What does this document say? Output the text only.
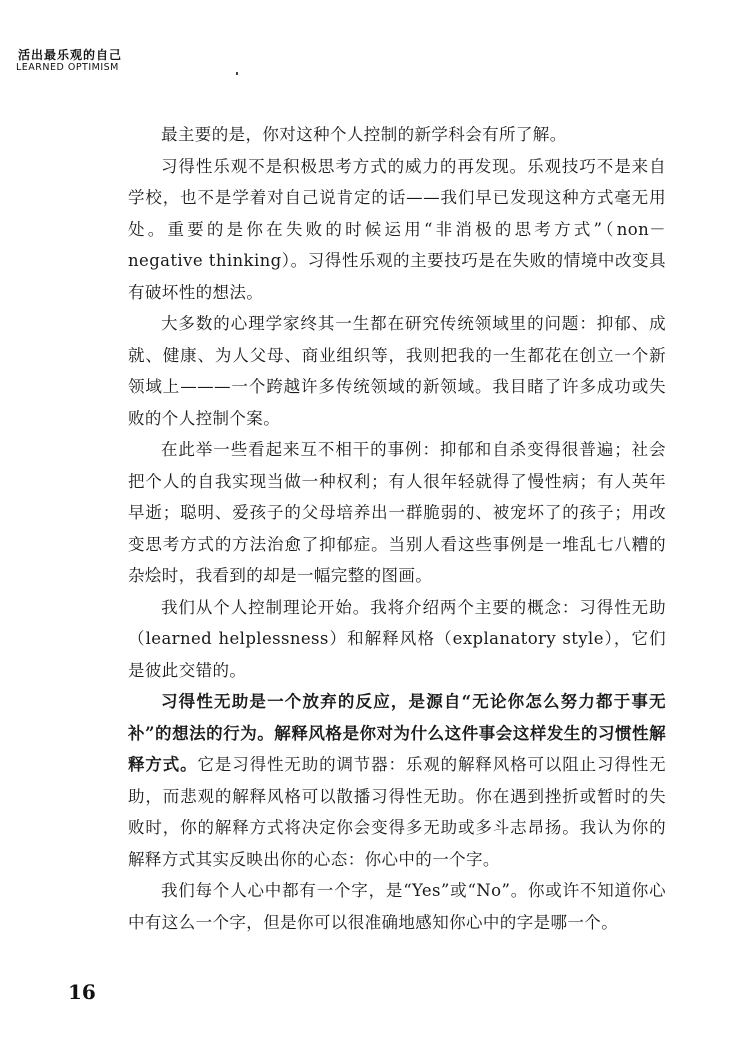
活出最乐观的自己
LEARNED OPTIMISM

最主要的是，你对这种个人控制的新学科会有所了解。

习得性乐观不是积极思考方式的威力的再发现。乐观技巧不是来自学校，也不是学着对自己说肯定的话——我们早已发现这种方式毫无用处。重要的是你在失败的时候运用“非消极的思考方式”（non－negative thinking）。习得性乐观的主要技巧是在失败的情境中改变具有破坏性的想法。

大多数的心理学家终其一生都在研究传统领域里的问题：抑郁、成就、健康、为人父母、商业组织等，我则把我的一生都花在创立一个新领域上———一个跨越许多传统领域的新领域。我目睹了许多成功或失败的个人控制个案。

在此举一些看起来互不相干的事例：抑郁和自杀变得很普遍；社会把个人的自我实现当做一种权利；有人很年轻就得了慢性病；有人英年早逝；聪明、爱孩子的父母培养出一群脆弱的、被宠坏了的孩子；用改变思考方式的方法治愈了抑郁症。当别人看这些事例是一堆乱七八糟的杂烩时，我看到的却是一幅完整的图画。

我们从个人控制理论开始。我将介绍两个主要的概念：习得性无助（learned helplessness）和解释风格（explanatory style），它们是彼此交错的。

习得性无助是一个放弃的反应，是源自“无论你怎么努力都于事无补”的想法的行为。解释风格是你对为什么这件事会这样发生的习惯性解释方式。它是习得性无助的调节器：乐观的解释风格可以阻止习得性无助，而悲观的解释风格可以散播习得性无助。你在遇到挫折或暂时的失败时，你的解释方式将决定你会变得多无助或多斗志昂扬。我认为你的解释方式其实反映出你的心态：你心中的一个字。

我们每个人心中都有一个字，是“Yes”或“No”。你或许不知道你心中有这么一个字，但是你可以很准确地感知你心中的字是哪一个。

16
